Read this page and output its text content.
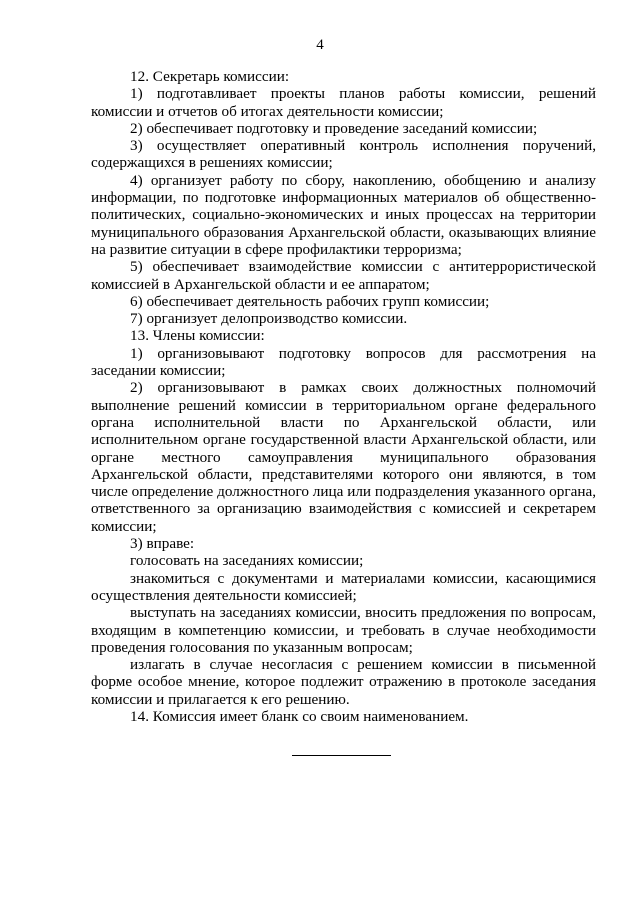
4

12. Секретарь комиссии:

1) подготавливает проекты планов работы комиссии, решений комиссии и отчетов об итогах деятельности комиссии;

2) обеспечивает подготовку и проведение заседаний комиссии;

3) осуществляет оперативный контроль исполнения поручений, содержащихся в решениях комиссии;

4) организует работу по сбору, накоплению, обобщению и анализу информации, по подготовке информационных материалов об общественно-политических, социально-экономических и иных процессах на территории муниципального образования Архангельской области, оказывающих влияние на развитие ситуации в сфере профилактики терроризма;

5) обеспечивает взаимодействие комиссии с антитеррористической комиссией в Архангельской области и ее аппаратом;

6) обеспечивает деятельность рабочих групп комиссии;

7) организует делопроизводство комиссии.

13. Члены комиссии:

1) организовывают подготовку вопросов для рассмотрения на заседании комиссии;

2) организовывают в рамках своих должностных полномочий выполнение решений комиссии в территориальном органе федерального органа исполнительной власти по Архангельской области, или исполнительном органе государственной власти Архангельской области, или органе местного самоуправления муниципального образования Архангельской области, представителями которого они являются, в том числе определение должностного лица или подразделения указанного органа, ответственного за организацию взаимодействия с комиссией и секретарем комиссии;

3) вправе:

голосовать на заседаниях комиссии;

знакомиться с документами и материалами комиссии, касающимися осуществления деятельности комиссией;

выступать на заседаниях комиссии, вносить предложения по вопросам, входящим в компетенцию комиссии, и требовать в случае необходимости проведения голосования по указанным вопросам;

излагать в случае несогласия с решением комиссии в письменной форме особое мнение, которое подлежит отражению в протоколе заседания комиссии и прилагается к его решению.

14. Комиссия имеет бланк со своим наименованием.
